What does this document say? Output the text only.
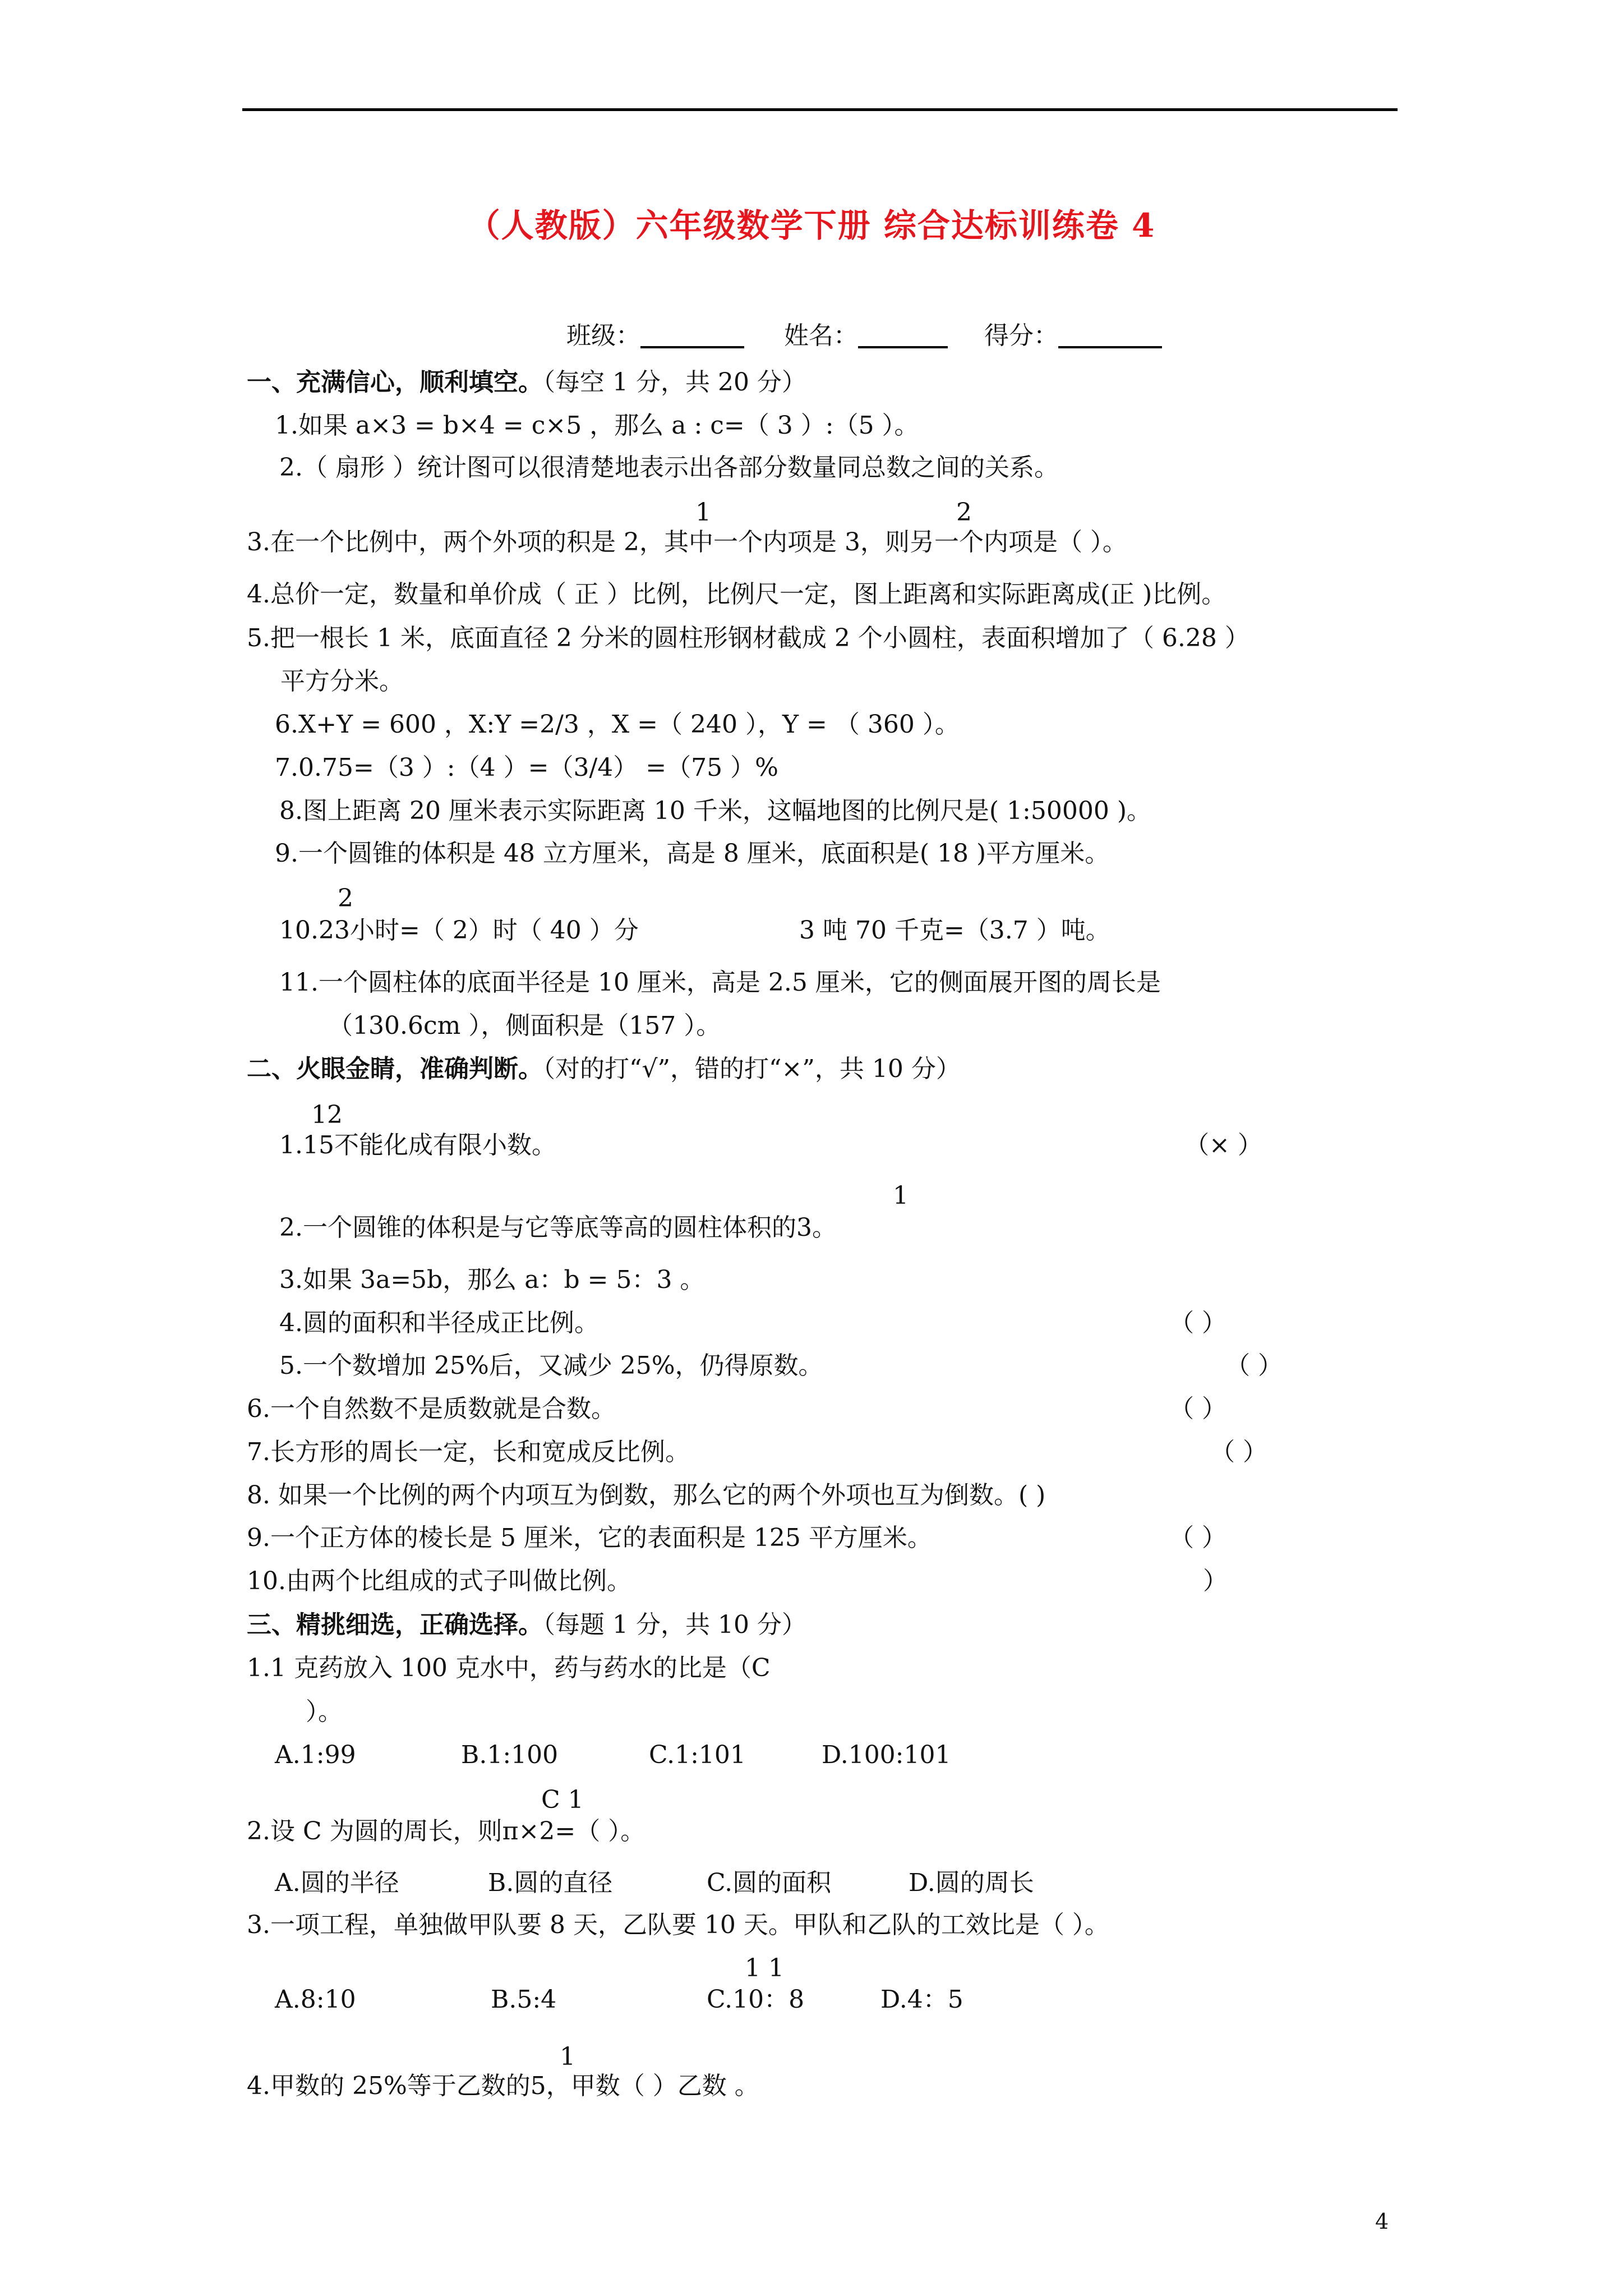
（人教版）六年级数学下册 综合达标训练卷 4
班级：	姓名：	得分：
一、充满信心，顺利填空。（每空 1 分，共 20 分）
1.如果 a×3 = b×4 = c×5 ，那么 a : c=（ 3 ）:（5 ）。
2.（ 扇形 ）统计图可以很清楚地表示出各部分数量同总数之间的关系。
1	2
3.在一个比例中，两个外项的积是 2，其中一个内项是 3，则另一个内项是（ ）。
4.总价一定，数量和单价成（ 正 ）比例，比例尺一定，图上距离和实际距离成(正 )比例。
5.把一根长 1 米，底面直径 2 分米的圆柱形钢材截成 2 个小圆柱，表面积增加了（ 6.28 ）
平方分米。
6.X+Y = 600 ，X:Y =2/3 ，X =（ 240 ），Y = （ 360 ）。
7.0.75=（3 ）:（4 ）=（3/4） =（75 ）%
8.图上距离 20 厘米表示实际距离 10 千米，这幅地图的比例尺是( 1:50000 )。
9.一个圆锥的体积是 48 立方厘米，高是 8 厘米，底面积是( 18 )平方厘米。
2
10.23小时=（ 2）时（ 40 ）分	3 吨 70 千克=（3.7 ）吨。
11.一个圆柱体的底面半径是 10 厘米，高是 2.5 厘米，它的侧面展开图的周长是
（130.6cm ），侧面积是（157 ）。
二、火眼金睛，准确判断。（对的打“√”，错的打“×”，共 10 分）
12
1.15不能化成有限小数。	（× ）
1
2.一个圆锥的体积是与它等底等高的圆柱体积的3。
3.如果 3a=5b，那么 a：b = 5：3 。
4.圆的面积和半径成正比例。	（ ）
5.一个数增加 25%后，又减少 25%，仍得原数。	（ ）
6.一个自然数不是质数就是合数。	（ ）
7.长方形的周长一定，长和宽成反比例。	（ ）
8. 如果一个比例的两个内项互为倒数，那么它的两个外项也互为倒数。( )
9.一个正方体的棱长是 5 厘米，它的表面积是 125 平方厘米。	（ ）
10.由两个比组成的式子叫做比例。	）
三、精挑细选，正确选择。（每题 1 分，共 10 分）
1.1 克药放入 100 克水中，药与药水的比是（C
）。
A.1:99	B.1:100	C.1:101	D.100:101
C 1
2.设 C 为圆的周长，则π×2=（ ）。
A.圆的半径	B.圆的直径	C.圆的面积	D.圆的周长
3.一项工程，单独做甲队要 8 天，乙队要 10 天。甲队和乙队的工效比是（ ）。
1 1
A.8:10	B.5:4	C.10：8	D.4：5
1
4.甲数的 25%等于乙数的5，甲数（ ）乙数 。
4
